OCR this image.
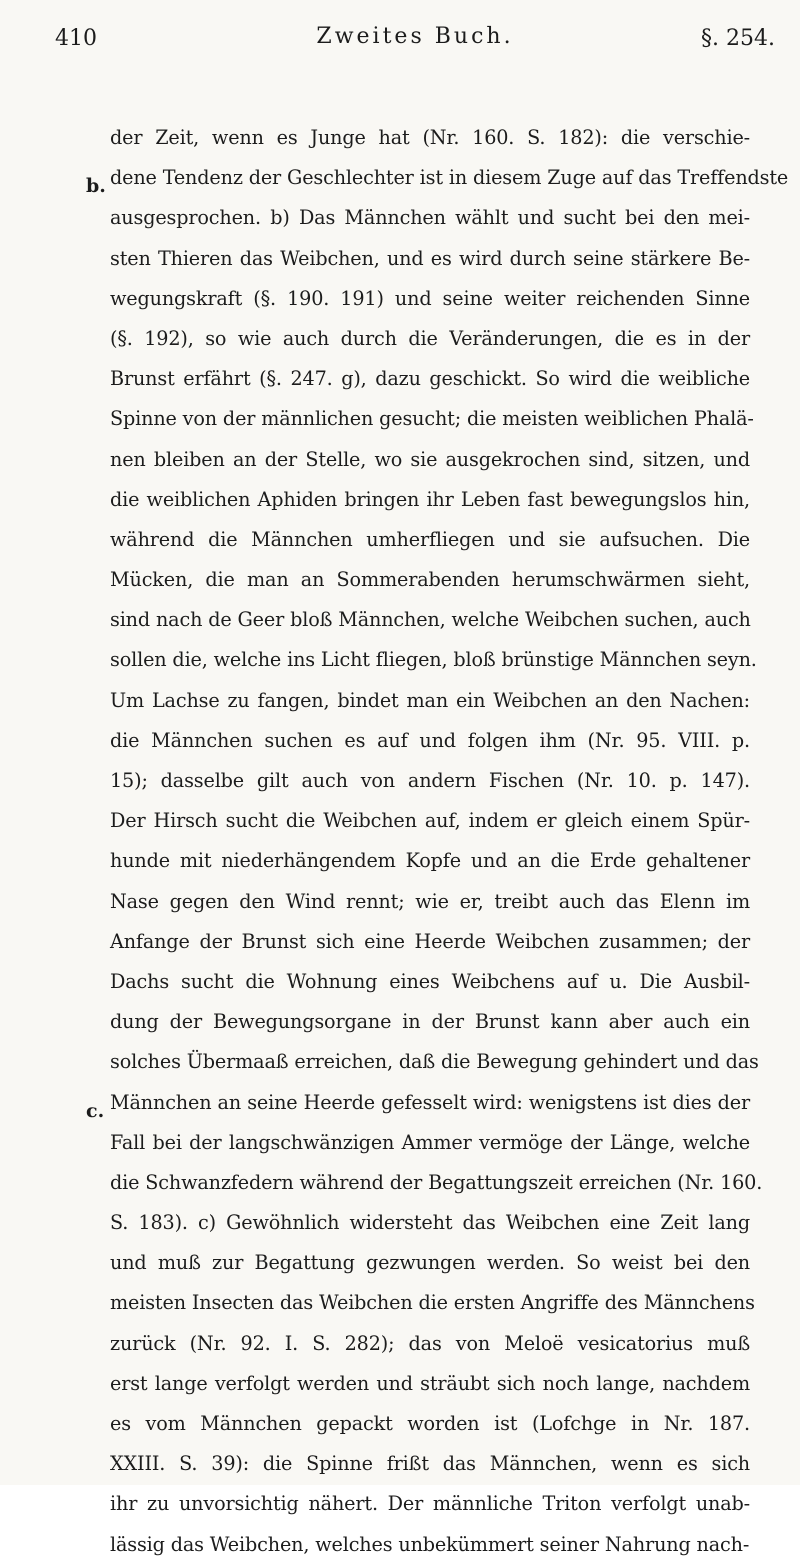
410	Zweites Buch.	§. 254.
b.
c.
der Zeit, wenn es Junge hat (Nr. 160. S. 182): die verschie-
dene Tendenz der Geschlechter ist in diesem Zuge auf das Treffendste
ausgesprochen. b) Das Männchen wählt und sucht bei den mei-
sten Thieren das Weibchen, und es wird durch seine stärkere Be-
wegungskraft (§. 190. 191) und seine weiter reichenden Sinne
(§. 192), so wie auch durch die Veränderungen, die es in der
Brunst erfährt (§. 247. g), dazu geschickt. So wird die weibliche
Spinne von der männlichen gesucht; die meisten weiblichen Phalä-
nen bleiben an der Stelle, wo sie ausgekrochen sind, sitzen, und
die weiblichen Aphiden bringen ihr Leben fast bewegungslos hin,
während die Männchen umherfliegen und sie aufsuchen. Die
Mücken, die man an Sommerabenden herumschwärmen sieht,
sind nach de Geer bloß Männchen, welche Weibchen suchen, auch
sollen die, welche ins Licht fliegen, bloß brünstige Männchen seyn.
Um Lachse zu fangen, bindet man ein Weibchen an den Nachen:
die Männchen suchen es auf und folgen ihm (Nr. 95. VIII. p.
15); dasselbe gilt auch von andern Fischen (Nr. 10. p. 147).
Der Hirsch sucht die Weibchen auf, indem er gleich einem Spür-
hunde mit niederhängendem Kopfe und an die Erde gehaltener
Nase gegen den Wind rennt; wie er, treibt auch das Elenn im
Anfange der Brunst sich eine Heerde Weibchen zusammen; der
Dachs sucht die Wohnung eines Weibchens auf u. Die Ausbil-
dung der Bewegungsorgane in der Brunst kann aber auch ein
solches Übermaaß erreichen, daß die Bewegung gehindert und das
Männchen an seine Heerde gefesselt wird: wenigstens ist dies der
Fall bei der langschwänzigen Ammer vermöge der Länge, welche
die Schwanzfedern während der Begattungszeit erreichen (Nr. 160.
S. 183). c) Gewöhnlich widersteht das Weibchen eine Zeit lang
und muß zur Begattung gezwungen werden. So weist bei den
meisten Insecten das Weibchen die ersten Angriffe des Männchens
zurück (Nr. 92. I. S. 282); das von Meloë vesicatorius muß
erst lange verfolgt werden und sträubt sich noch lange, nachdem
es vom Männchen gepackt worden ist (Lofchge in Nr. 187.
XXIII. S. 39): die Spinne frißt das Männchen, wenn es sich
ihr zu unvorsichtig nähert. Der männliche Triton verfolgt unab-
lässig das Weibchen, welches unbekümmert seiner Nahrung nach-
